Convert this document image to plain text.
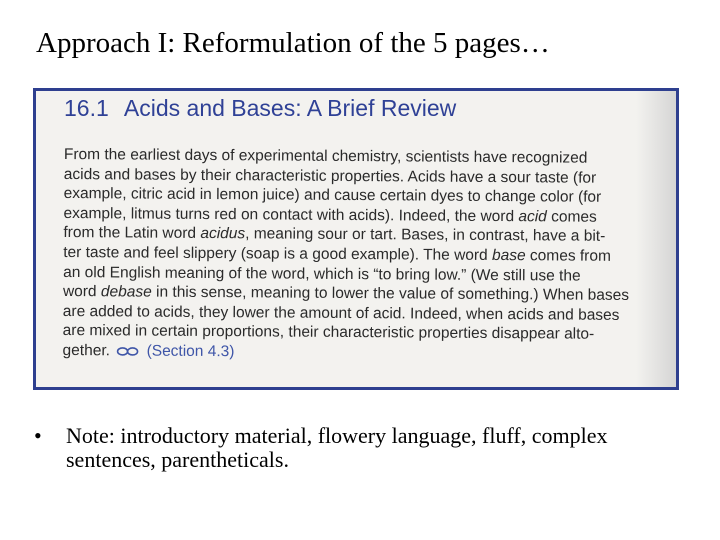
Approach I: Reformulation of the 5 pages…
16.1 Acids and Bases: A Brief Review
From the earliest days of experimental chemistry, scientists have recognized
acids and bases by their characteristic properties. Acids have a sour taste (for
example, citric acid in lemon juice) and cause certain dyes to change color (for
example, litmus turns red on contact with acids). Indeed, the word acid comes
from the Latin word acidus, meaning sour or tart. Bases, in contrast, have a bit-
ter taste and feel slippery (soap is a good example). The word base comes from
an old English meaning of the word, which is “to bring low.” (We still use the
word debase in this sense, meaning to lower the value of something.) When bases
are added to acids, they lower the amount of acid. Indeed, when acids and bases
are mixed in certain proportions, their characteristic properties disappear alto-
gether. (Section 4.3)
• Note: introductory material, flowery language, fluff, complex sentences, parentheticals.
